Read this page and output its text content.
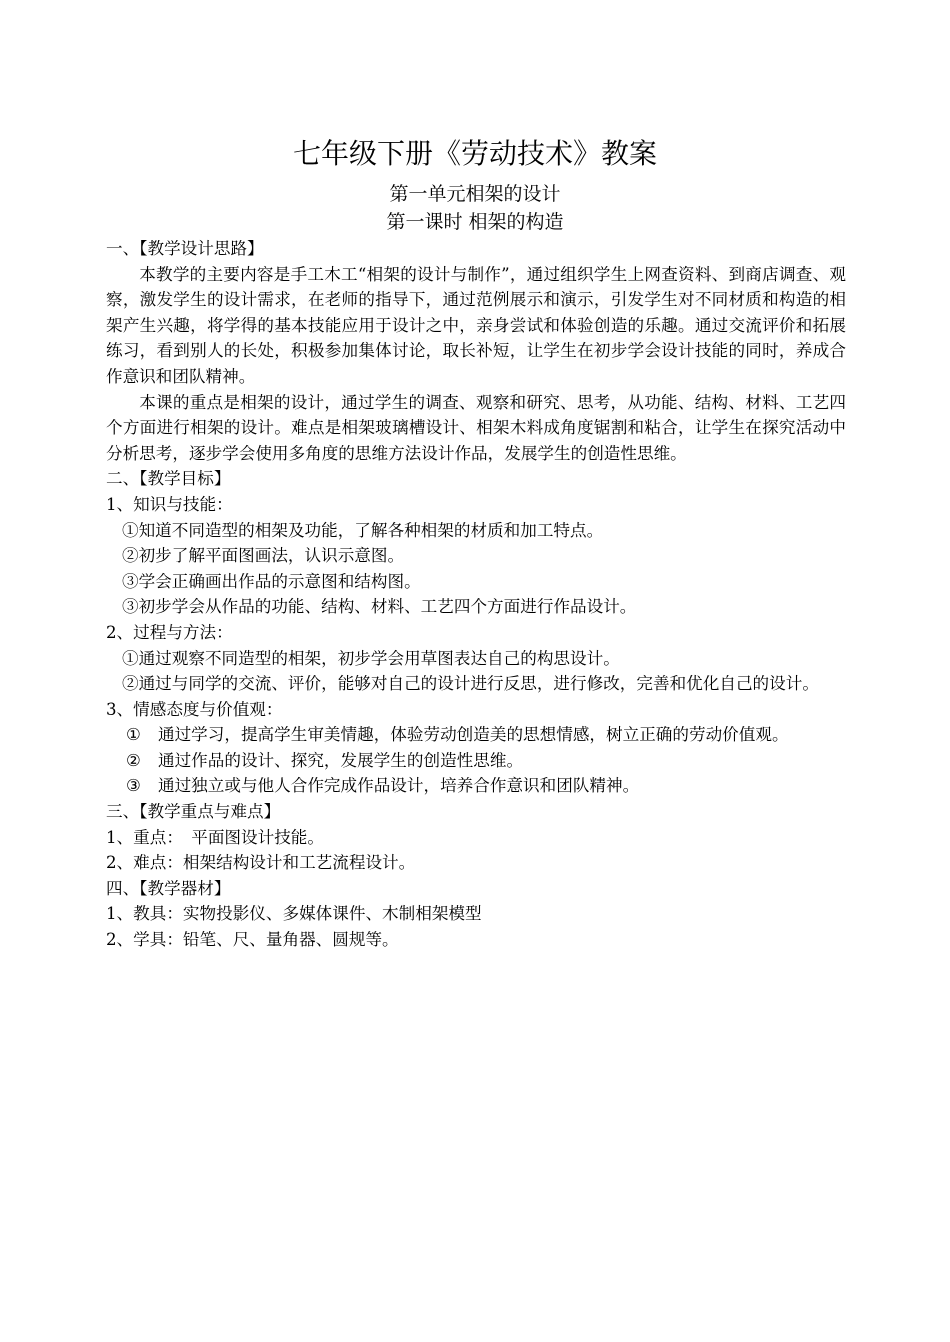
七年级下册《劳动技术》教案
第一单元相架的设计
第一课时 相架的构造
一、【教学设计思路】
本教学的主要内容是手工木工“相架的设计与制作”，通过组织学生上网查资料、到商店调查、观察，激发学生的设计需求，在老师的指导下，通过范例展示和演示，引发学生对不同材质和构造的相架产生兴趣，将学得的基本技能应用于设计之中，亲身尝试和体验创造的乐趣。通过交流评价和拓展练习，看到别人的长处，积极参加集体讨论，取长补短，让学生在初步学会设计技能的同时，养成合作意识和团队精神。
本课的重点是相架的设计，通过学生的调查、观察和研究、思考，从功能、结构、材料、工艺四个方面进行相架的设计。难点是相架玻璃槽设计、相架木料成角度锯割和粘合，让学生在探究活动中分析思考，逐步学会使用多角度的思维方法设计作品，发展学生的创造性思维。
二、【教学目标】
1、知识与技能：
①知道不同造型的相架及功能，了解各种相架的材质和加工特点。
②初步了解平面图画法，认识示意图。
③学会正确画出作品的示意图和结构图。
③初步学会从作品的功能、结构、材料、工艺四个方面进行作品设计。
2、过程与方法：
①通过观察不同造型的相架，初步学会用草图表达自己的构思设计。
②通过与同学的交流、评价，能够对自己的设计进行反思，进行修改，完善和优化自己的设计。
3、情感态度与价值观：
①	通过学习，提高学生审美情趣，体验劳动创造美的思想情感，树立正确的劳动价值观。
②	通过作品的设计、探究，发展学生的创造性思维。
③	通过独立或与他人合作完成作品设计，培养合作意识和团队精神。
三、【教学重点与难点】
1、重点：　平面图设计技能。
2、难点：相架结构设计和工艺流程设计。
四、【教学器材】
1、教具：实物投影仪、多媒体课件、木制相架模型
2、学具：铅笔、尺、量角器、圆规等。
